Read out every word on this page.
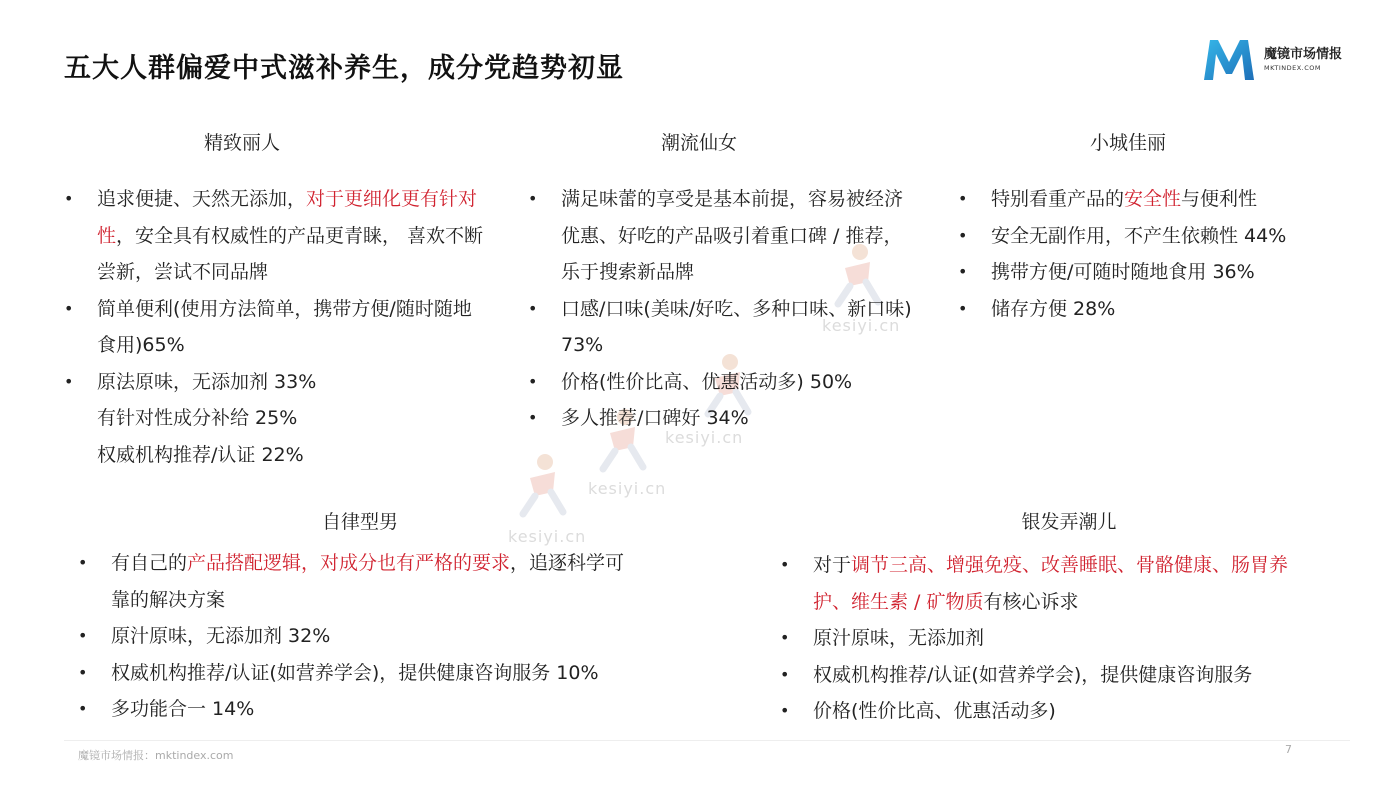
五大人群偏爱中式滋补养生，成分党趋势初显	魔镜市场情报
MKTINDEX.COM
kesiyi.cn
kesiyi.cn
kesiyi.cn
kesiyi.cn
精致丽人
• 追求便捷、天然无添加，对于更细化更有针对性，安全具有权威性的产品更青睐， 喜欢不断尝新，尝试不同品牌
• 简单便利(使用方法简单，携带方便/随时随地食用)65%
• 原法原味，无添加剂 33%
有针对性成分补给 25%
权威机构推荐/认证 22%
潮流仙女
• 满足味蕾的享受是基本前提，容易被经济优惠、好吃的产品吸引着重口碑 / 推荐，乐于搜索新品牌
• 口感/口味(美味/好吃、多种口味、新口味) 73%
• 价格(性价比高、优惠活动多) 50%
• 多人推荐/口碑好 34%
小城佳丽
• 特别看重产品的安全性与便利性
• 安全无副作用，不产生依赖性 44%
• 携带方便/可随时随地食用 36%
• 储存方便 28%
自律型男
• 有自己的产品搭配逻辑，对成分也有严格的要求，追逐科学可靠的解决方案
• 原汁原味，无添加剂 32%
• 权威机构推荐/认证(如营养学会)，提供健康咨询服务 10%
• 多功能合一 14%
银发弄潮儿
• 对于调节三高、增强免疫、改善睡眠、骨骼健康、肠胃养护、维生素 / 矿物质有核心诉求
• 原汁原味，无添加剂
• 权威机构推荐/认证(如营养学会)，提供健康咨询服务
• 价格(性价比高、优惠活动多)
魔镜市场情报：mktindex.com	7
